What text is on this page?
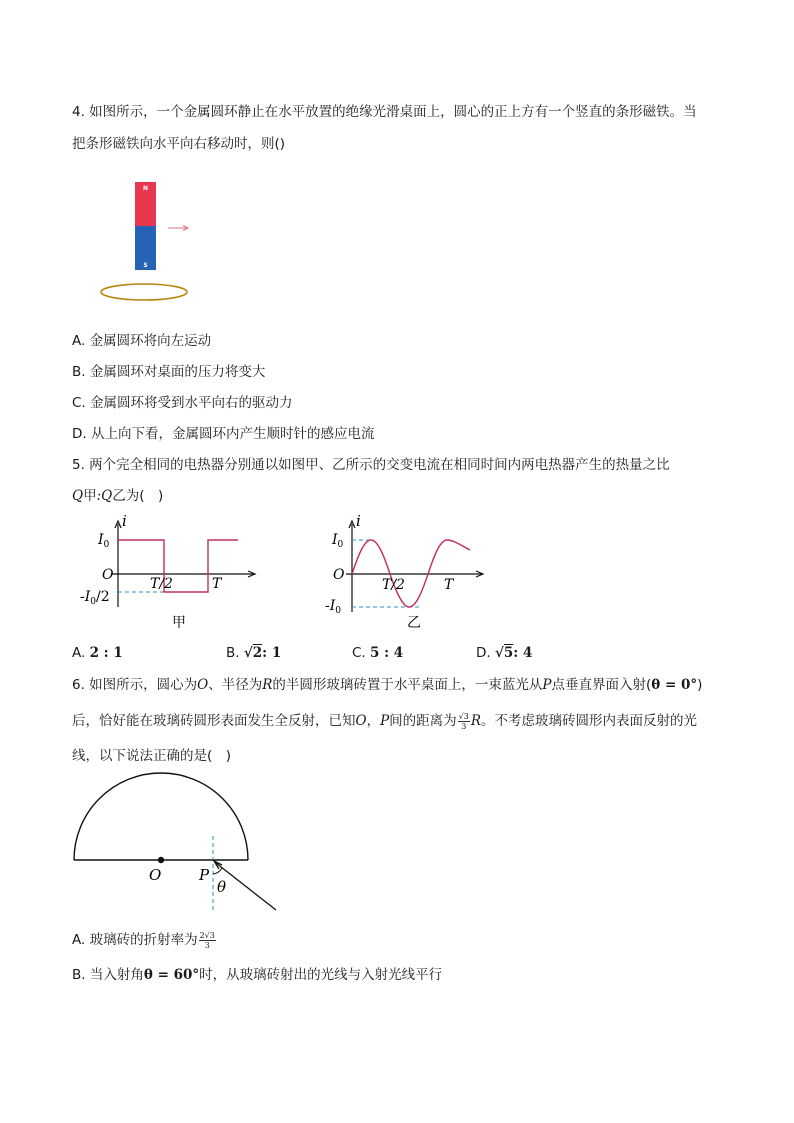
4. 如图所示，一个金属圆环静止在水平放置的绝缘光滑桌面上，圆心的正上方有一个竖直的条形磁铁。当
把条形磁铁向水平向右移动时，则()
N
S
A. 金属圆环将向左运动
B. 金属圆环对桌面的压力将变大
C. 金属圆环将受到水平向右的驱动力
D. 从上向下看，金属圆环内产生顺时针的感应电流
5. 两个完全相同的电热器分别通以如图甲、乙所示的交变电流在相同时间内两电热器产生的热量之比
Q甲:Q乙为(　)
i
$I_0$
O
$-I_0/2$
T/2	T
甲
i
$I_0$
O
$-I_0$
T/2	T
乙
A. 2 : 1	B. √2: 1	C. 5 : 4	D. √5: 4
6. 如图所示，圆心为O、半径为R的半圆形玻璃砖置于水平桌面上，一束蓝光从P点垂直界面入射(θ = 0°)
后，恰好能在玻璃砖圆形表面发生全反射，已知O，P间的距离为 $\frac{√3}{3}$ R。不考虑玻璃砖圆形内表面反射的光
线，以下说法正确的是(　)
O	P
θ
A. 玻璃砖的折射率为 $\frac{2√3}{3}$
B. 当入射角θ = 60°时，从玻璃砖射出的光线与入射光线平行
